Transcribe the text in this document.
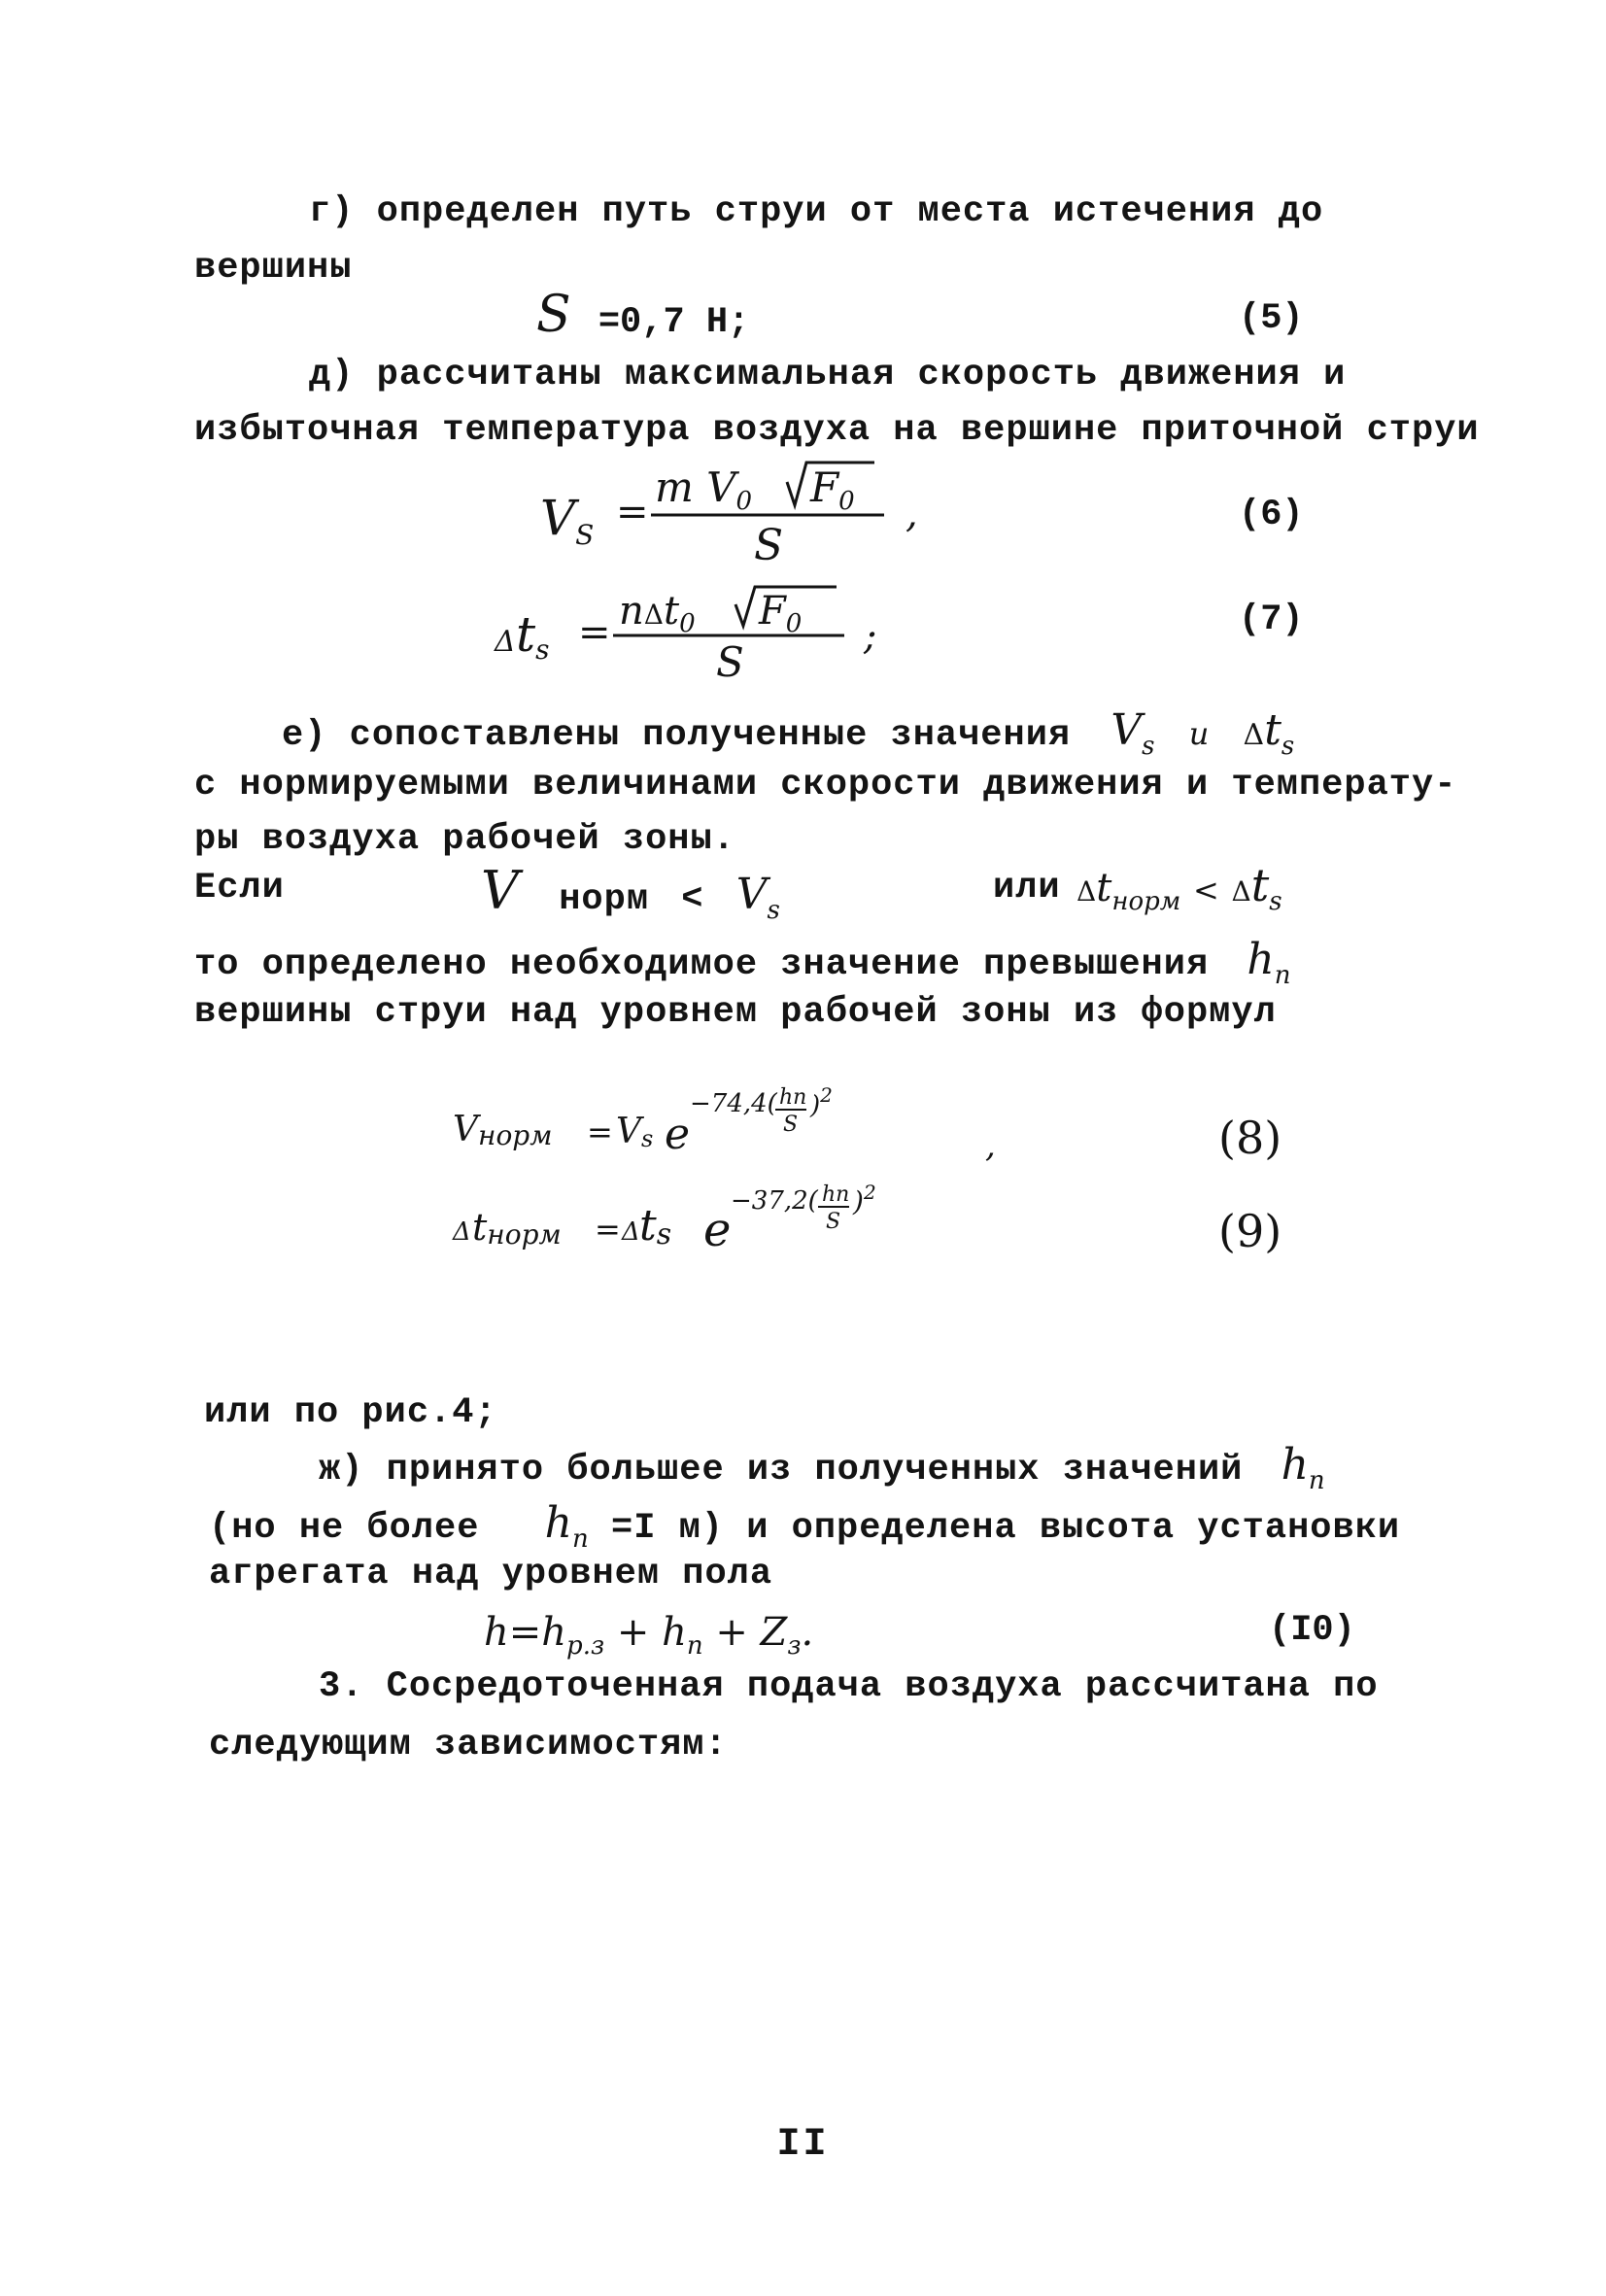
г) определен путь струи от места истечения до
вершины
S =0,7 H;	(5)
д) рассчитаны максимальная скорость движения и
избыточная температура воздуха на вершине приточной струи
$V_S$
=
m V0 F0
S
,	(6)
Δ ts = nΔt$_0$ $F_0$
S
;	(7)
е) сопоставлены полученные значения $V_s$ и $\Delta t_s$
с нормируемыми величинами скорости движения и температу-
ры воздуха рабочей зоны.
Если	V норм < $V_s$
или $\Delta t_{норм} < \Delta t_s$
то определено необходимое значение превышения $h_n$
вершины струи над уровнем рабочей зоны из формул
Vнорм = Vs e
−74,4( hn
S
)$^2$
,
Δ tнорм = Δ ts e
−37,2( hn
S
)$^2$
(8)
(9)
или по рис.4;
ж) принято большее из полученных значений $h_n$
(но не более $h_n =I$ м) и определена высота установки
агрегата над уровнем пола
$h=h_{p.з} + h_n + Z_з$.	(I0)
3. Сосредоточенная подача воздуха рассчитана по
следующим зависимостям:
II
